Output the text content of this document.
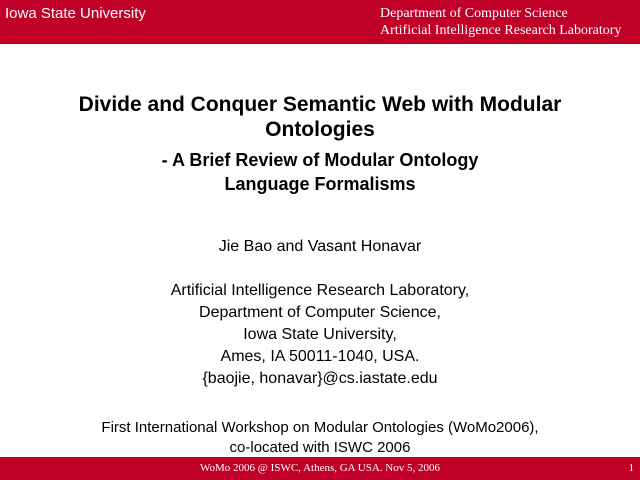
Iowa State University	Department of Computer Science
Artificial Intelligence Research Laboratory
Divide and Conquer Semantic Web with Modular
Ontologies
- A Brief Review of Modular Ontology
Language Formalisms
Jie Bao and Vasant Honavar
Artificial Intelligence Research Laboratory,
Department of Computer Science,
Iowa State University,
Ames, IA 50011-1040, USA.
{baojie, honavar}@cs.iastate.edu
First International Workshop on Modular Ontologies (WoMo2006),
co-located with ISWC 2006
WoMo 2006 @ ISWC, Athens, GA USA. Nov 5, 2006	1
